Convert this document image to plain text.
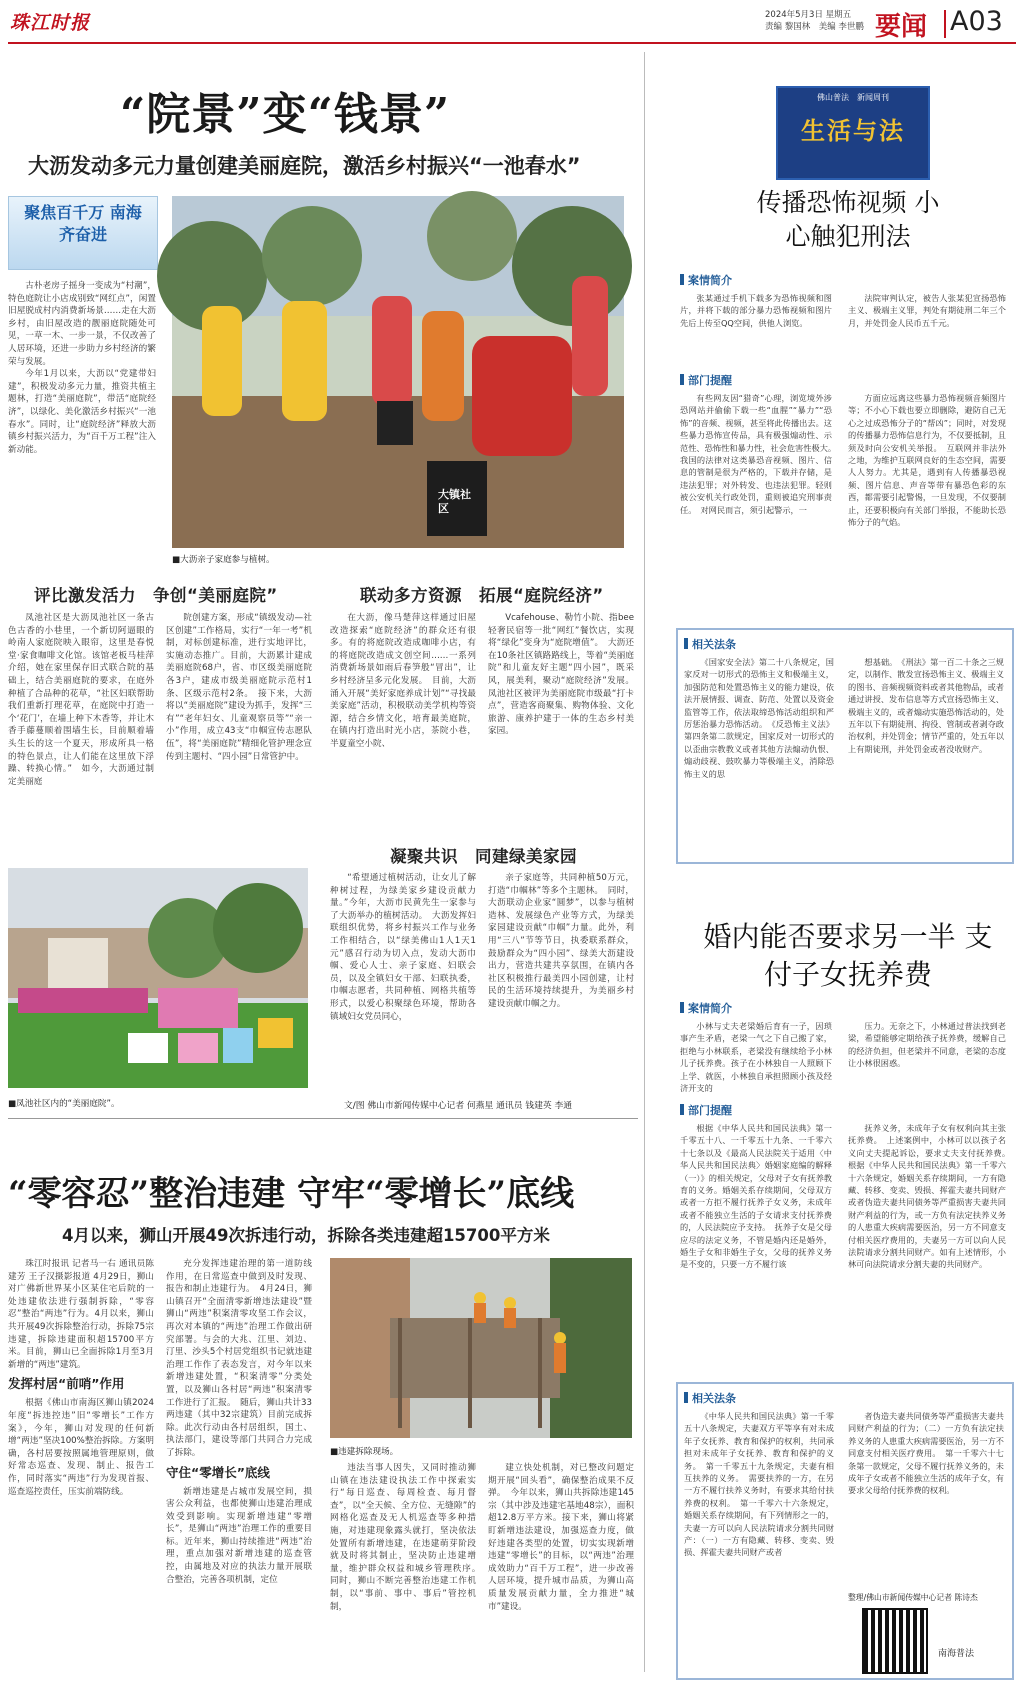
珠江时报	2024年5月3日 星期五
责编 黎国林　美编 李世鹏 要闻 A03
“院景”变“钱景”
大沥发动多元力量创建美丽庭院，激活乡村振兴“一池春水”
聚焦百千万 南海齐奋进

古朴老房子摇身一变成为“村潮”，特色庭院让小店成别致“网红点”，闲置旧屋脱成村内消费新场景……走在大沥乡村，由旧屋改造的靓丽庭院随处可见，一草一木、一步一景，不仅改善了人居环境，还进一步助力乡村经济的繁荣与发展。

今年1月以来，大沥以“党建带妇建”，积极发动多元力量，推资共植主题林，打造“美丽庭院”，带活“庭院经济”，以绿化、美化激活乡村振兴“一池春水”。同时，让“庭院经济”释放大沥镇乡村振兴活力，为“百千万工程”注入新动能。

大镇社区
■大沥亲子家庭参与植树。
评比激发活力　争创“美丽庭院”	联动多方资源　拓展“庭院经济”

凤池社区是大沥凤池社区一条古色古香的小巷里，一个新切阿逼眼的岭南人家庭院映入眼帘，这里是春悦堂·家食咖啡文化馆。该馆老板马桂萍介绍，她在家里保存旧式联合院的基础上，结合美丽庭院的要求，在庭外种植了合品种的花草，“社区妇联帮助我们重新打理花草，在庭院中打造一个‘花门’，在墙上种下木香等，并让木香手藤蔓顺着围墙生长，目前顺着墙头生长的这一个夏天，形成所具一格的特色景点，让人们能在这里放下浮躁、转换心情。”　如今，大沥通过制定美丽庭

院创建方案，形成“镇级发动—社区创建”工作格局，实行“一年一考”机制，对标创建标准，进行实地评比，实施动态推广。目前，大沥累计建成美丽庭院68户，省、市区级美丽庭院各3户，建成市级美丽庭院示范村1条、区级示范村2条。　接下来，大沥将以“美丽庭院”建设为抓手，发挥“三有”“老年妇女、儿童观察员等”“亲一小”作用，成立43支“巾帼宣传志愿队伍”，将“美丽庭院”精细化管护理念宣传到主题村、“四小园”日常管护中。

在大沥，像马楚萍这样通过旧屋改造探索“庭院经济”的群众还有很多。有的将庭院改造成咖啡小店，有的将庭院改造成文创空间……一系列消费新场景如雨后春笋般“冒出”，让乡村经济呈多元化发展。　目前，大沥涌入开展“美好家庭养成计划”“寻找最美家庭”活动，积极联动美学机构等资源，结合乡情文化，培育最美庭院，在镇内打造出时光小店，茶院小巷，半夏童空小院、

Vcafehouse、勒竹小院、指bee轻奢民宿等一批“网红”餐饮店，实现将“绿化”变身为“庭院增值”。　大沥还在10条社区镇路路线上，等着“美丽庭院”和儿童友好主题“四小园”，既采风，展美利，聚动“庭院经济”发展。凤池社区被评为美丽庭院市级最“打卡点”，营造客商聚集、购物体验、文化旅游、康养护建于一体的生态乡村美家园。

■凤池社区内的“美丽庭院”。
凝聚共识　同建绿美家园

“希望通过植树活动，让女儿了解种树过程，为绿美家乡建设贡献力量。”今年，大沥市民黄先生一家参与了大沥举办的植树活动。　大沥发挥妇联组织优势，将乡村振兴工作与业务工作相结合，以“绿美佛山1人1天1元”感召行动为切入点，发动大沥巾帼、爱心人士、亲子家庭、妇联会员，以及全镇妇女干部、妇联执委，巾帼志愿者，共同种植、网格共植等形式，以爱心积聚绿色环境，帮助各镇域妇女党员同心，

亲子家庭等，共同种植50万元，打造“巾帼林”等多个主题林。　同时，大沥联动企业家“圆梦”，以参与植树造林、发展绿色产业等方式，为绿美家园建设贡献“巾帼”力量。此外，利用“三八”节等节日，执委联系群众，鼓励群众为“四小园”、绿美大沥建设出力，营造共建共享氛围，在镇内各社区积极推行最美四小园创建，让村民的生活环境持续提升，为美丽乡村建设贡献巾帼之力。

文/图 佛山市新闻传媒中心记者 何燕星 通讯员 钱建英 李通
“零容忍”整治违建 守牢“零增长”底线
4月以来，狮山开展49次拆违行动，拆除各类违建超15700平方米

珠江时报讯 记者马一右 通讯员陈建芳 王子汉摄影报道 4月29日，狮山对广佛新世界某小区某住宅后院的一处违建依法进行强制拆除，“零容忍”整治“两违”行为。4月以来，狮山共开展49次拆除整治行动，拆除75宗违建，拆除违建面积超15700平方米。目前，狮山已全面拆除1月至3月新增的“两违”建筑。

发挥村居“前哨”作用

根据《佛山市南海区狮山镇2024年度“拆违控违”旧“零增长”工作方案》，今年，狮山对发现的任何新增“两违”坚决100%整治拆除。方案明确，各村居要按照属地管理原则，做好常态巡查、发现、制止、报告工作，同时落实“两违”行为发现首报、巡查巡控责任，压实前端防线。

充分发挥违建治理的第一道防线作用，在日常巡查中做到及时发现、报告和制止违建行为。　4月24日，狮山镇召开“全面清零新增违法建设”暨狮山“两违”积案清零攻坚工作会议，再次对本镇的“两违”治理工作做出研究部署。与会的大兆、江里、刘边、汀里、沙头5个村居党组织书记就违建治理工作作了表态发言，对今年以来新增违建处置，“积案清零”分类处置，以及狮山各村居“两违”积案清零工作进行了汇报。　随后，狮山共计33两违建（其中32宗建筑）目前完成拆除。此次行动由各村居组织，国土、执法部门，建设等部门共同合力完成了拆除。

守住“零增长”底线

新增违建是占城市发展空间，损害公众利益，也都使狮山违建治理成效受到影响。实现新增违建“零增长”，是狮山“两违”治理工作的重要目标。近年来，狮山持续推进“两违”治理，重点加强对新增违建的巡查管控，由属地及对应的执法力量开展联合整治，完善各项机制，定位

■违建拆除现场。

违法当事人因失，又同时推动狮山镇在违法建设执法工作中探索实行“每日巡查、每周检查、每月督查”，以“全天候、全方位、无缝隙”的网格化巡查及无人机巡查等多种措施，对违建现象露头就打，坚决依法处置所有新增违建，在违建萌芽阶段就及时将其制止，坚决防止违建增量，维护群众权益和城乡管理秩序。　同时，狮山不断完善整治违建工作机制，以“事前、事中、事后”管控机制，

建立快处机制，对已整改问题定期开展“回头看”，确保整治成果不反弹。　今年以来，狮山共拆除违建145宗（其中涉及违建宅基地48宗），面积超12.8万平方米。接下来，狮山将紧盯新增违法建设，加强巡查力度，做好违建各类型的处置，切实实现新增违建“零增长”的目标，以“两违”治理成效助力“百千万工程”，进一步改善人居环境，提升城市品质，为狮山高质量发展贡献力量，全力推进“城市”建设。

佛山普法　新闻周刊
生活与法
传播恐怖视频 小心触犯刑法
案情简介

张某通过手机下载多为恐怖视频和图片，并将下载的部分暴力恐怖视频和图片先后上传至QQ空间，供他人浏览。

法院审判认定，被告人张某犯宣扬恐怖主义、极端主义罪，判处有期徒刑二年三个月，并处罚金人民币五千元。

部门提醒

有些网友因“猎奇”心理，浏览境外涉恐网站并偷偷下载一些“血腥”“暴力”“恐怖”的音频、视频，甚至将此传播出去。这些暴力恐怖宣传品，具有极强煽动性、示范性、恐怖性和暴力性，社会危害性极大。　我国的法律对这类暴恐音视频、图片、信息的管制是很为严格的，下载并存储，是违法犯罪；对外转发、也违法犯罪。轻则被公安机关行政处罚，重则被追究刑事责任。　对网民而言，须引起警示，一

方面应远离这些暴力恐怖视频音频图片等；不小心下载也要立即删除，避防自己无心之过成恐怖分子的“帮凶”；同时，对发现的传播暴力恐怖信息行为，不仅要抵制，且须及时向公安机关举报。　互联网并非法外之地，为维护互联网良好的生态空间，需要人人努力。尤其是，遇到有人传播暴恐视频、图片信息、声音等带有暴恐色彩的东西，都需要引起警惕，一旦发现，不仅要制止，还要积极向有关部门举报，不能助长恐怖分子的气焰。

相关法条

《国家安全法》第二十八条规定，国家反对一切形式的恐怖主义和极端主义，加强防范和处置恐怖主义的能力建设，依法开展情报、调查、防范、处置以及资金监管等工作，依法取缔恐怖活动组织和严厉惩治暴力恐怖活动。　《反恐怖主义法》第四条第二款规定，国家反对一切形式的以歪曲宗教教义或者其他方法煽动仇恨、煽动歧视、鼓吹暴力等极端主义，消除恐怖主义的思

想基础。　《刑法》第一百二十条之三规定，以制作、散发宣扬恐怖主义、极端主义的图书、音频视频资料或者其他物品，或者通过讲授、发布信息等方式宣扬恐怖主义、极端主义的，或者煽动实施恐怖活动的，处五年以下有期徒刑、拘役、管制或者剥夺政治权利，并处罚金；情节严重的，处五年以上有期徒刑，并处罚金或者没收财产。

婚内能否要求另一半 支付子女抚养费
案情简介

小林与丈夫老梁婚后育有一子，因琐事产生矛盾，老梁一气之下自己搬了家，拒绝与小林联系，老梁没有继续给予小林儿子抚养费。孩子在小林独自一人照顾下上学、就医，小林独自承担照顾小孩及经济开支的

压力。无奈之下，小林通过普法找到老梁，希望能够定期给孩子抚养费，缓解自己的经济负担，但老梁并不同意，老梁的态度让小林很困惑。

部门提醒

根据《中华人民共和国民法典》第一千零五十八、一千零五十九条、一千零六十七条以及《最高人民法院关于适用〈中华人民共和国民法典〉婚姻家庭编的解释（一）》的相关规定，父母对子女有抚养教育的义务。婚姻关系存续期间，父母双方或者一方拒不履行抚养子女义务，未成年或者不能独立生活的子女请求支付抚养费的，人民法院应予支持。　抚养子女是父母应尽的法定义务，不管是婚内还是婚外，婚生子女和非婚生子女，父母的抚养义务是不变的，只要一方不履行该

抚养义务，未成年子女有权利向其主张抚养费。　上述案例中，小林可以以孩子名义向丈夫提起诉讼，要求丈夫支付抚养费。　根据《中华人民共和国民法典》第一千零六十六条规定，婚姻关系存续期间，一方有隐藏、转移、变卖、毁损、挥霍夫妻共同财产或者伪造夫妻共同债务等严重损害夫妻共同财产利益的行为，或一方负有法定扶养义务的人患重大疾病需要医治，另一方不同意支付相关医疗费用的，夫妻另一方可以向人民法院请求分割共同财产。如有上述情形，小林可向法院请求分割夫妻的共同财产。

相关法条

《中华人民共和国民法典》第一千零五十八条规定，夫妻双方平等享有对未成年子女抚养、教育和保护的权利，共同承担对未成年子女抚养、教育和保护的义务。　第一千零五十九条规定，夫妻有相互扶养的义务。　需要扶养的一方，在另一方不履行扶养义务时，有要求其给付扶养费的权利。　第一千零六十六条规定，婚姻关系存续期间，有下列情形之一的，夫妻一方可以向人民法院请求分割共同财产：（一）一方有隐藏、转移、变卖、毁损、挥霍夫妻共同财产或者

者伪造夫妻共同债务等严重损害夫妻共同财产利益的行为；（二）一方负有法定扶养义务的人患重大疾病需要医治，另一方不同意支付相关医疗费用。　第一千零六十七条第一款规定，父母不履行抚养义务的，未成年子女或者不能独立生活的成年子女，有要求父母给付抚养费的权利。

整理/佛山市新闻传媒中心记者 陈诗杰
南海普法
